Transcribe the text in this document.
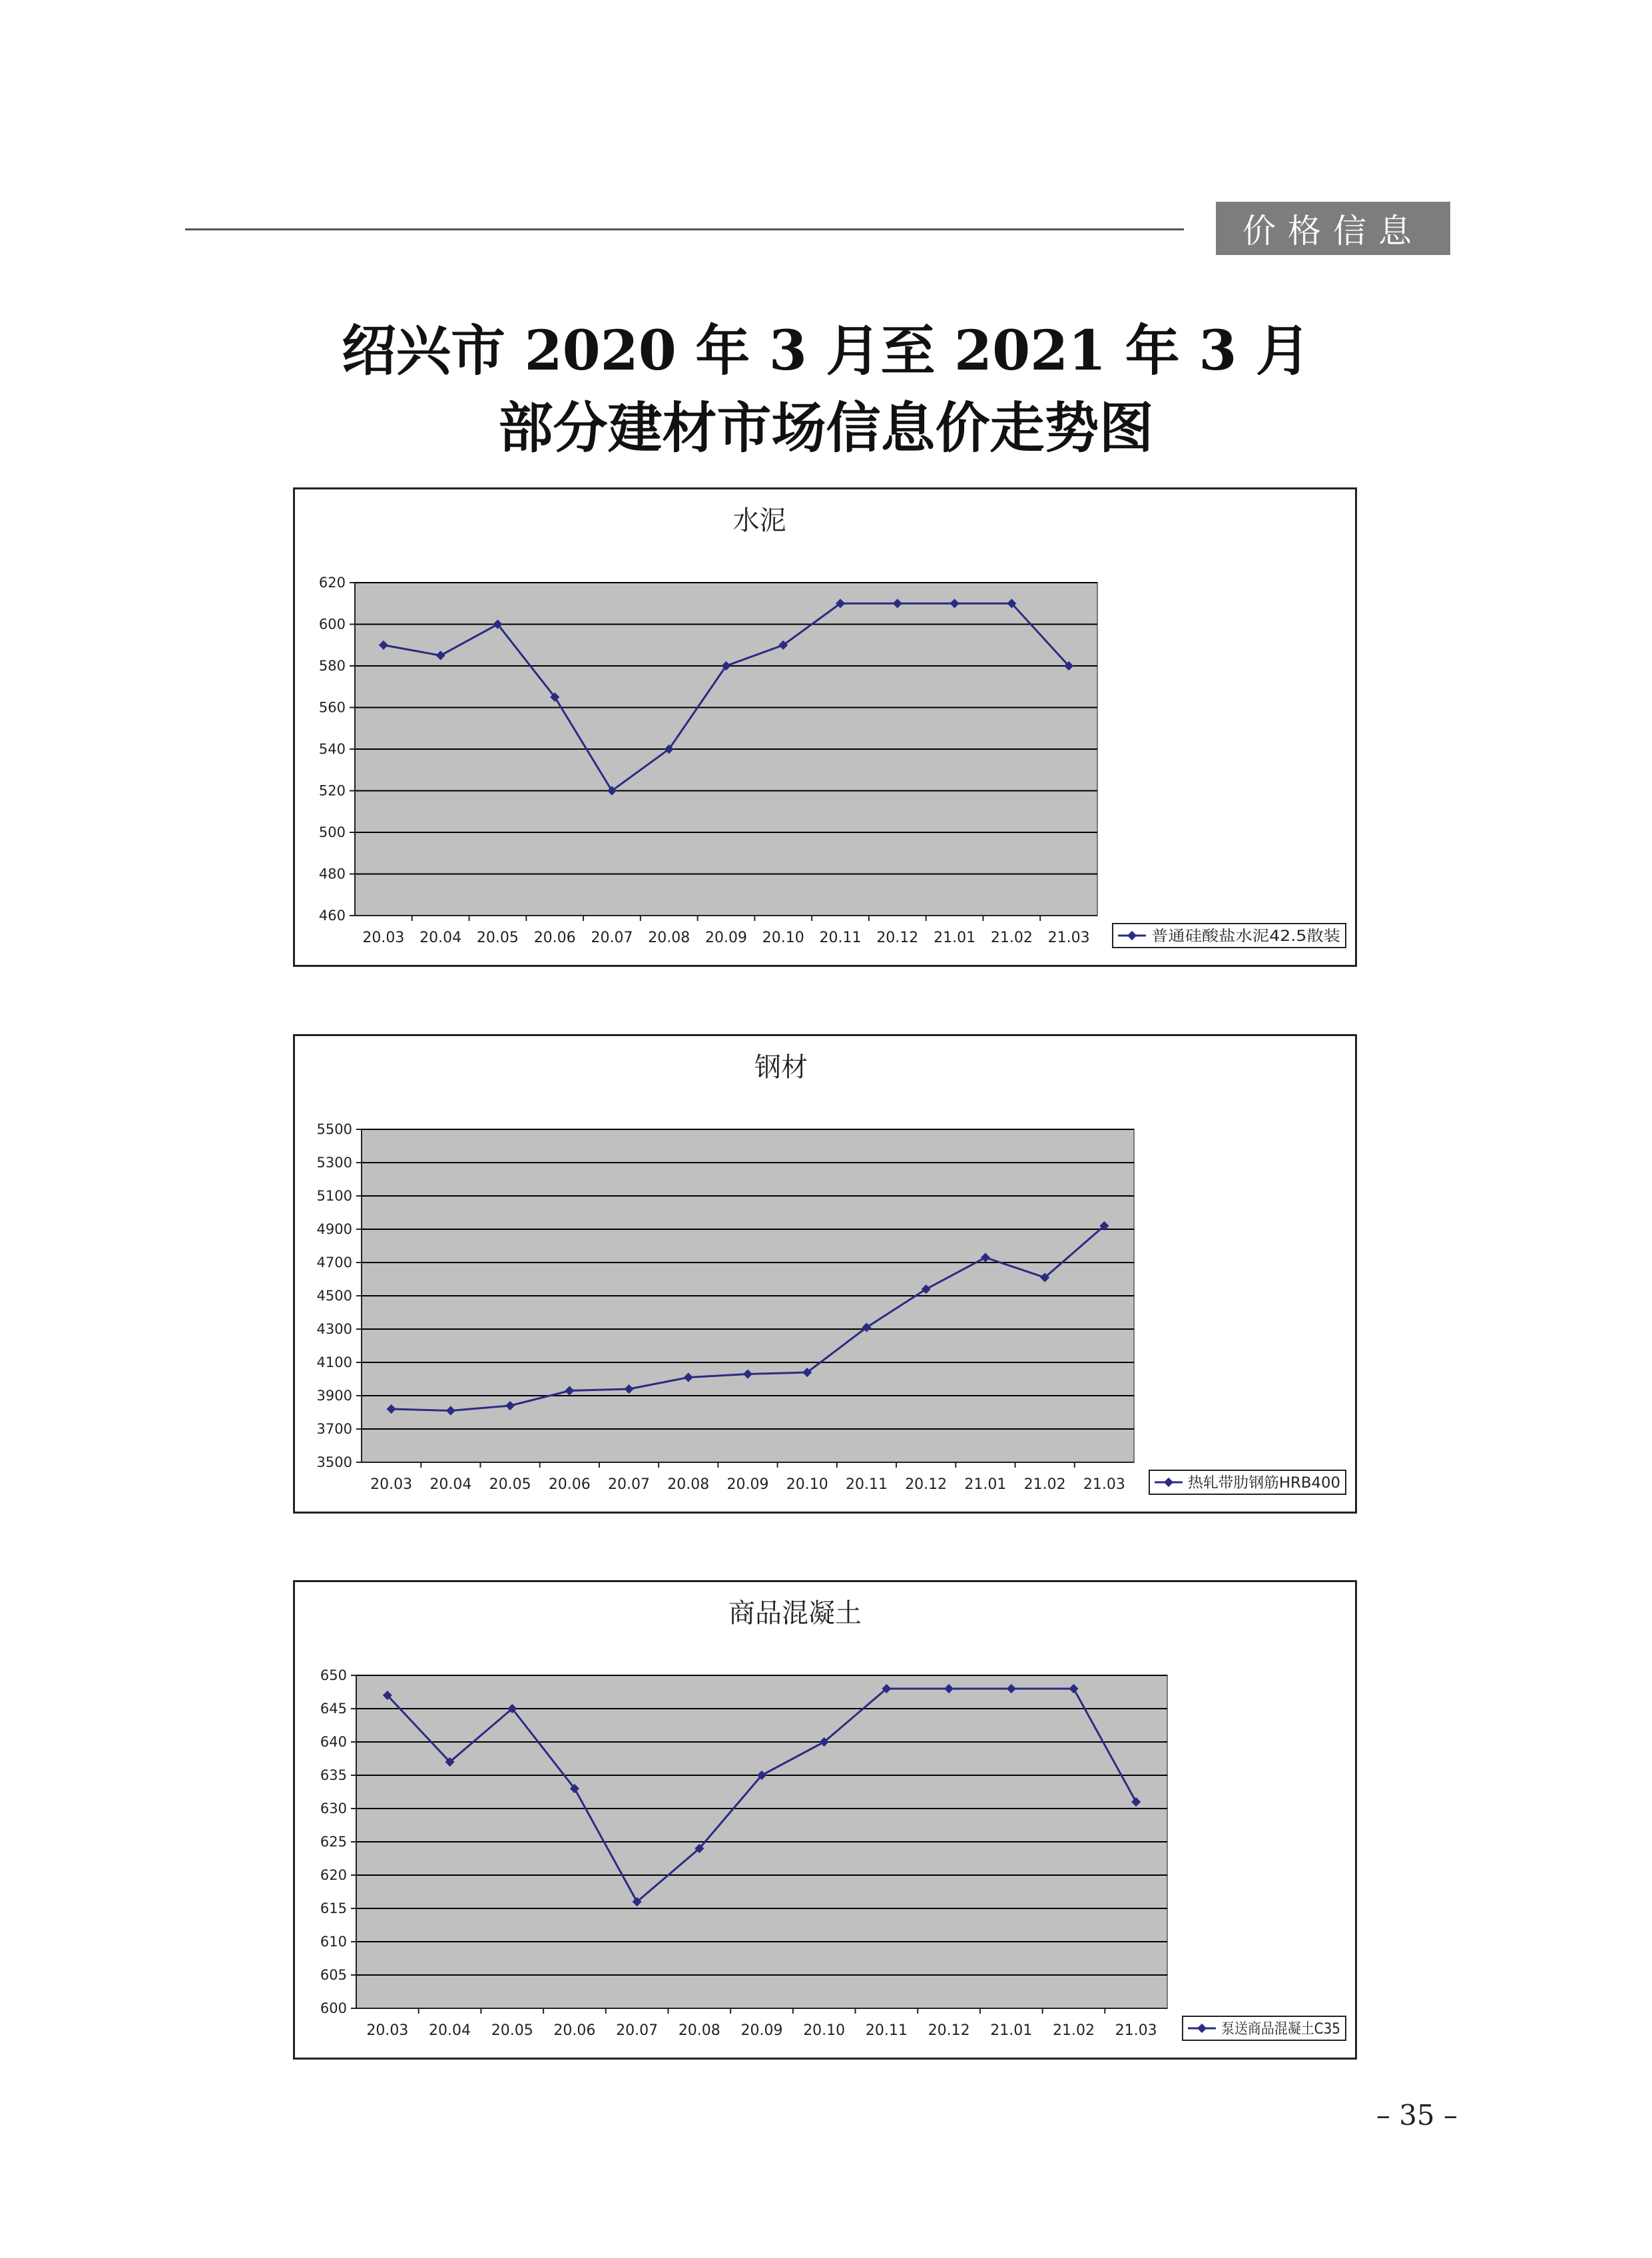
价格信息
绍兴市 2020 年 3 月至 2021 年 3 月
部分建材市场信息价走势图
水泥
460
480
500
520
540
560
580
600
620
20.03 20.04 20.05 20.06 20.07 20.08 20.09 20.10 20.11 20.12 21.01 21.02 21.03	普通硅酸盐水泥42.5散装
钢材
3500
3700
3900
4100
4300
4500
4700
4900
5100
5300
5500
20.03 20.04 20.05 20.06 20.07 20.08 20.09 20.10 20.11 20.12 21.01 21.02 21.03	热轧带肋钢筋HRB400
商品混凝土
600
605
610
615
620
625
630
635
640
645
650
20.03 20.04 20.05 20.06 20.07 20.08 20.09 20.10 20.11 20.12 21.01 21.02 21.03	泵送商品混凝土C35
– 35 –
